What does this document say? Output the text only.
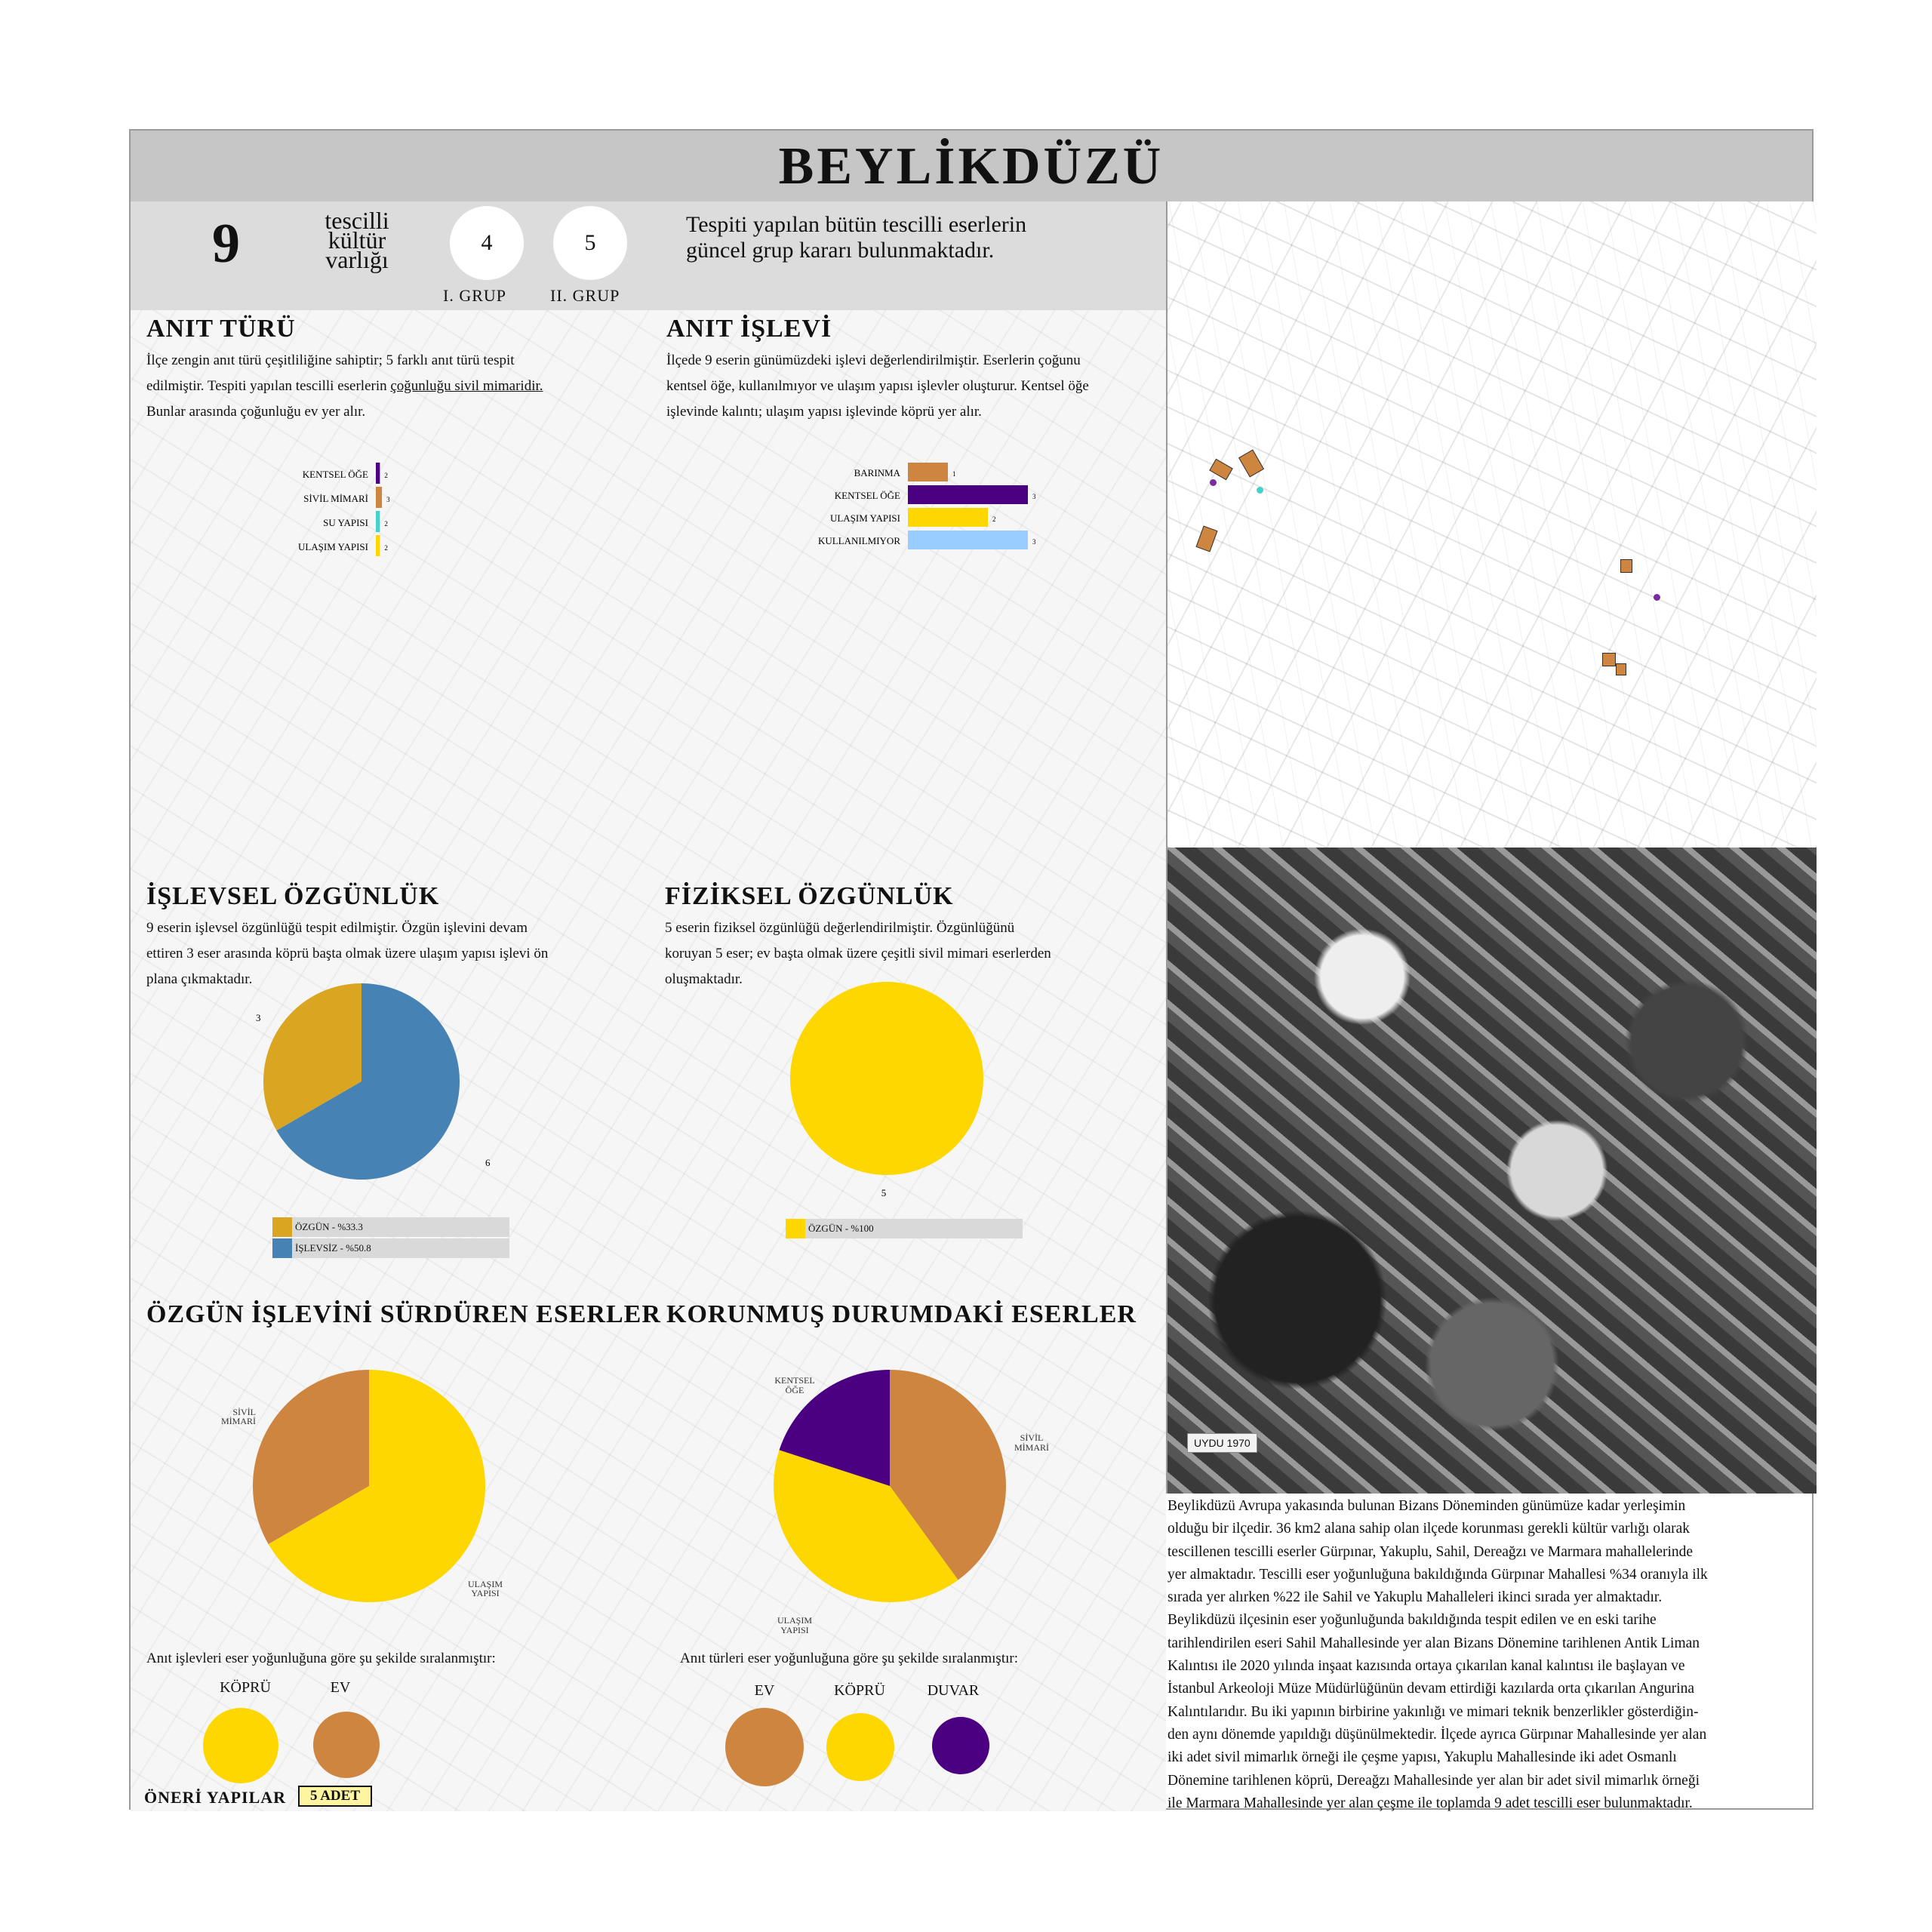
BEYLİKDÜZÜ
9	tescilli
kültür
varlığı
4
I. GRUP
5
II. GRUP
Tespiti yapılan bütün tescilli eserlerin
güncel grup kararı bulunmaktadır.
ANIT TÜRÜ
İlçe zengin anıt türü çeşitliliğine sahiptir; 5 farklı anıt türü tespit
edilmiştir. Tespiti yapılan tescilli eserlerin çoğunluğu sivil mimaridir.
Bunlar arasında çoğunluğu ev yer alır.
ANIT İŞLEVİ
İlçede 9 eserin günümüzdeki işlevi değerlendirilmiştir. Eserlerin çoğunu
kentsel öğe, kullanılmıyor ve ulaşım yapısı işlevler oluşturur. Kentsel öğe
işlevinde kalıntı; ulaşım yapısı işlevinde köprü yer alır.
KENTSEL ÖĞE 2
SİVİL MİMARİ	3
SU YAPISI 2
ULAŞIM YAPISI 2
BARINMA	1
KENTSEL ÖĞE	3
ULAŞIM YAPISI	2
KULLANILMIYOR	3
İŞLEVSEL ÖZGÜNLÜK
9 eserin işlevsel özgünlüğü tespit edilmiştir. Özgün işlevini devam
ettiren 3 eser arasında köprü başta olmak üzere ulaşım yapısı işlevi ön
plana çıkmaktadır.
3
6
ÖZGÜN - %33.3
İŞLEVSİZ - %50.8
FİZİKSEL ÖZGÜNLÜK
5 eserin fiziksel özgünlüğü değerlendirilmiştir. Özgünlüğünü
koruyan 5 eser; ev başta olmak üzere çeşitli sivil mimari eserlerden
oluşmaktadır.
5
ÖZGÜN - %100
ÖZGÜN İŞLEVİNİ SÜRDÜREN ESERLER
SİVİL
MİMARİ
ULAŞIM
YAPISI
Anıt işlevleri eser yoğunluğuna göre şu şekilde sıralanmıştır:
KÖPRÜ	EV
KORUNMUŞ DURUMDAKİ ESERLER
KENTSEL
ÖĞE
SİVİL
MİMARİ
ULAŞIM
YAPISI
Anıt türleri eser yoğunluğuna göre şu şekilde sıralanmıştır:
EV	KÖPRÜ	DUVAR
ÖNERİ YAPILAR	5 ADET
UYDU 1970
Beylikdüzü Avrupa yakasında bulunan Bizans Döneminden günümüze kadar yerleşimin
olduğu bir ilçedir. 36 km2 alana sahip olan ilçede korunması gerekli kültür varlığı olarak
tescillenen tescilli eserler Gürpınar, Yakuplu, Sahil, Dereağzı ve Marmara mahallelerinde
yer almaktadır. Tescilli eser yoğunluğuna bakıldığında Gürpınar Mahallesi %34 oranıyla ilk
sırada yer alırken %22 ile Sahil ve Yakuplu Mahalleleri ikinci sırada yer almaktadır.
Beylikdüzü ilçesinin eser yoğunluğunda bakıldığında tespit edilen ve en eski tarihe
tarihlendirilen eseri Sahil Mahallesinde yer alan Bizans Dönemine tarihlenen Antik Liman
Kalıntısı ile 2020 yılında inşaat kazısında ortaya çıkarılan kanal kalıntısı ile başlayan ve
İstanbul Arkeoloji Müze Müdürlüğünün devam ettirdiği kazılarda orta çıkarılan Angurina
Kalıntılarıdır. Bu iki yapının birbirine yakınlığı ve mimari teknik benzerlikler gösterdiğin-
den aynı dönemde yapıldığı düşünülmektedir. İlçede ayrıca Gürpınar Mahallesinde yer alan
iki adet sivil mimarlık örneği ile çeşme yapısı, Yakuplu Mahallesinde iki adet Osmanlı
Dönemine tarihlenen köprü, Dereağzı Mahallesinde yer alan bir adet sivil mimarlık örneği
ile Marmara Mahallesinde yer alan çeşme ile toplamda 9 adet tescilli eser bulunmaktadır.
